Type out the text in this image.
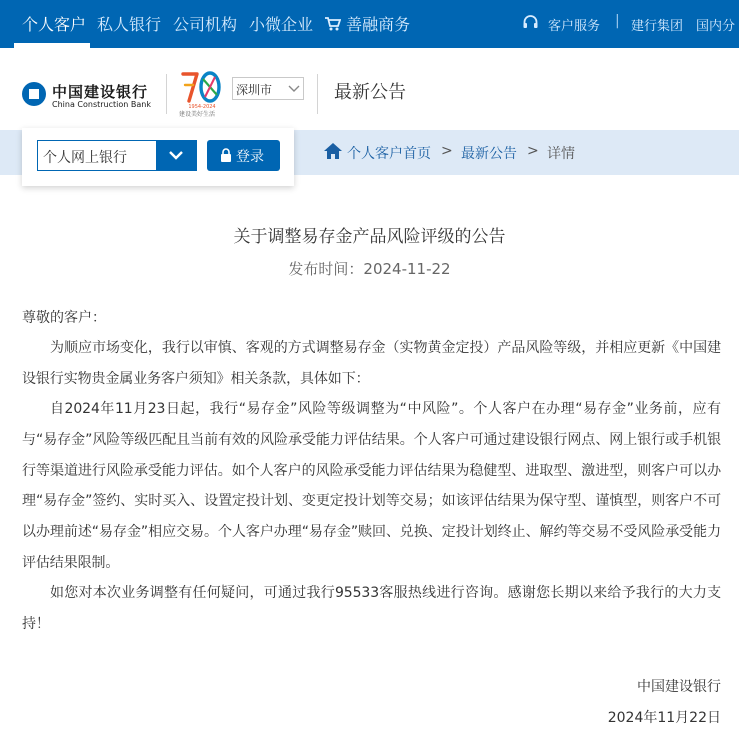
个人客户 私人银行 公司机构 小微企业	善融商务	客户服务 | 建行集团 国内分
中国建设银行
China Construction Bank	1954-2024
建设美好生活
深圳市	最新公告
个人客户首页 > 最新公告 > 详情
个人网上银行	登录
关于调整易存金产品风险评级的公告
发布时间：2024-11-22
尊敬的客户：

为顺应市场变化，我行以审慎、客观的方式调整易存金（实物黄金定投）产品风险等级，并相应更新《中国建设银行实物贵金属业务客户须知》相关条款，具体如下：

自2024年11月23日起，我行“易存金”风险等级调整为“中风险”。个人客户在办理“易存金”业务前，应有与“易存金”风险等级匹配且当前有效的风险承受能力评估结果。个人客户可通过建设银行网点、网上银行或手机银行等渠道进行风险承受能力评估。如个人客户的风险承受能力评估结果为稳健型、进取型、激进型，则客户可以办理“易存金”签约、实时买入、设置定投计划、变更定投计划等交易；如该评估结果为保守型、谨慎型，则客户不可以办理前述“易存金”相应交易。个人客户办理“易存金”赎回、兑换、定投计划终止、解约等交易不受风险承受能力评估结果限制。

如您对本次业务调整有任何疑问，可通过我行95533客服热线进行咨询。感谢您长期以来给予我行的大力支持！

中国建设银行
2024年11月22日
